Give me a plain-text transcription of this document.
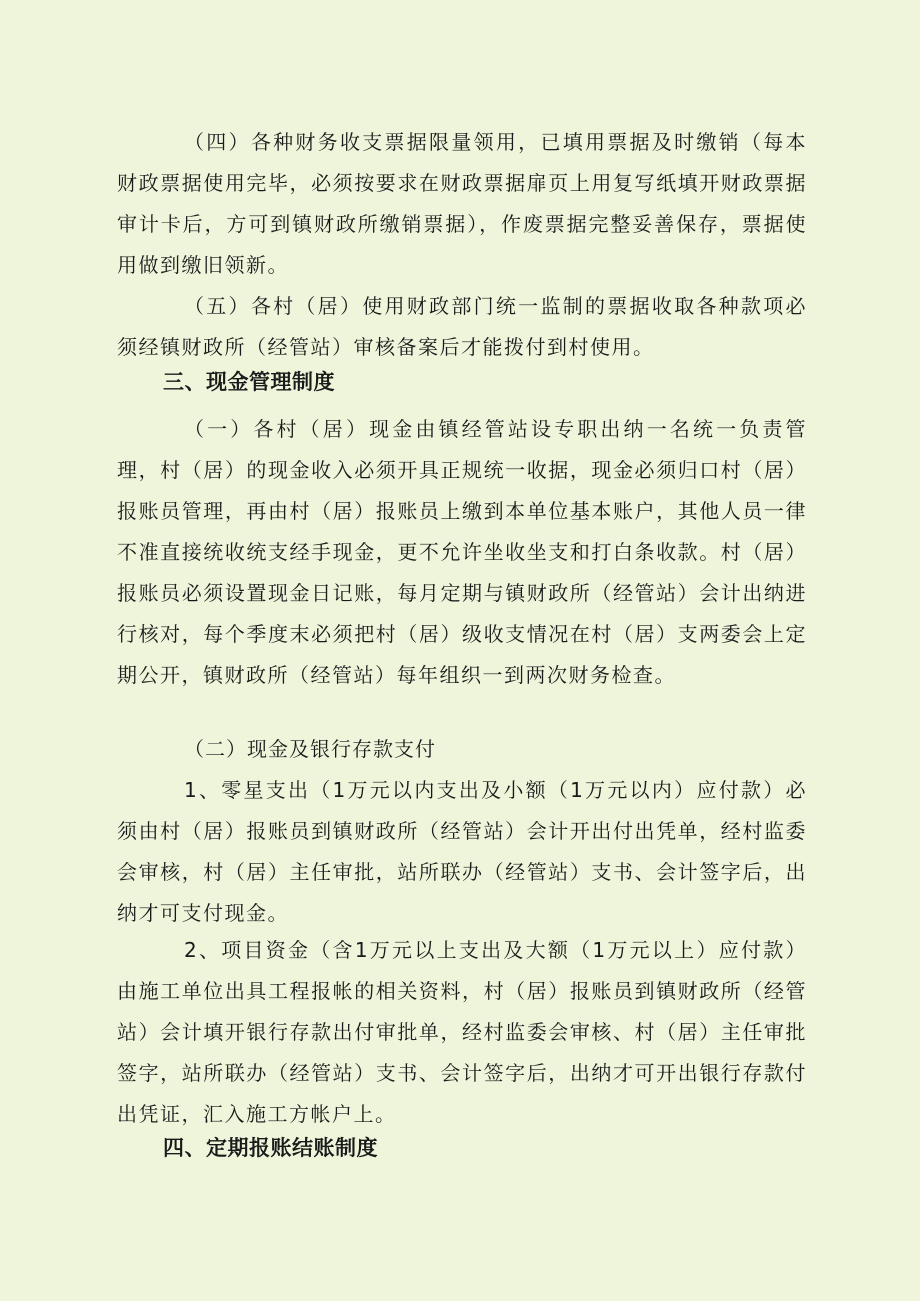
（四）各种财务收支票据限量领用，已填用票据及时缴销（每本财政票据使用完毕，必须按要求在财政票据扉页上用复写纸填开财政票据审计卡后，方可到镇财政所缴销票据），作废票据完整妥善保存，票据使用做到缴旧领新。

（五）各村（居）使用财政部门统一监制的票据收取各种款项必须经镇财政所（经管站）审核备案后才能拨付到村使用。

三、现金管理制度

（一）各村（居）现金由镇经管站设专职出纳一名统一负责管理，村（居）的现金收入必须开具正规统一收据，现金必须归口村（居）报账员管理，再由村（居）报账员上缴到本单位基本账户，其他人员一律不准直接统收统支经手现金，更不允许坐收坐支和打白条收款。村（居）报账员必须设置现金日记账，每月定期与镇财政所（经管站）会计出纳进行核对，每个季度末必须把村（居）级收支情况在村（居）支两委会上定期公开，镇财政所（经管站）每年组织一到两次财务检查。

（二）现金及银行存款支付

1、零星支出（1万元以内支出及小额（1万元以内）应付款）必须由村（居）报账员到镇财政所（经管站）会计开出付出凭单，经村监委会审核，村（居）主任审批，站所联办（经管站）支书、会计签字后，出纳才可支付现金。

2、项目资金（含1万元以上支出及大额（1万元以上）应付款）由施工单位出具工程报帐的相关资料，村（居）报账员到镇财政所（经管站）会计填开银行存款出付审批单，经村监委会审核、村（居）主任审批签字，站所联办（经管站）支书、会计签字后，出纳才可开出银行存款付出凭证，汇入施工方帐户上。

四、定期报账结账制度
